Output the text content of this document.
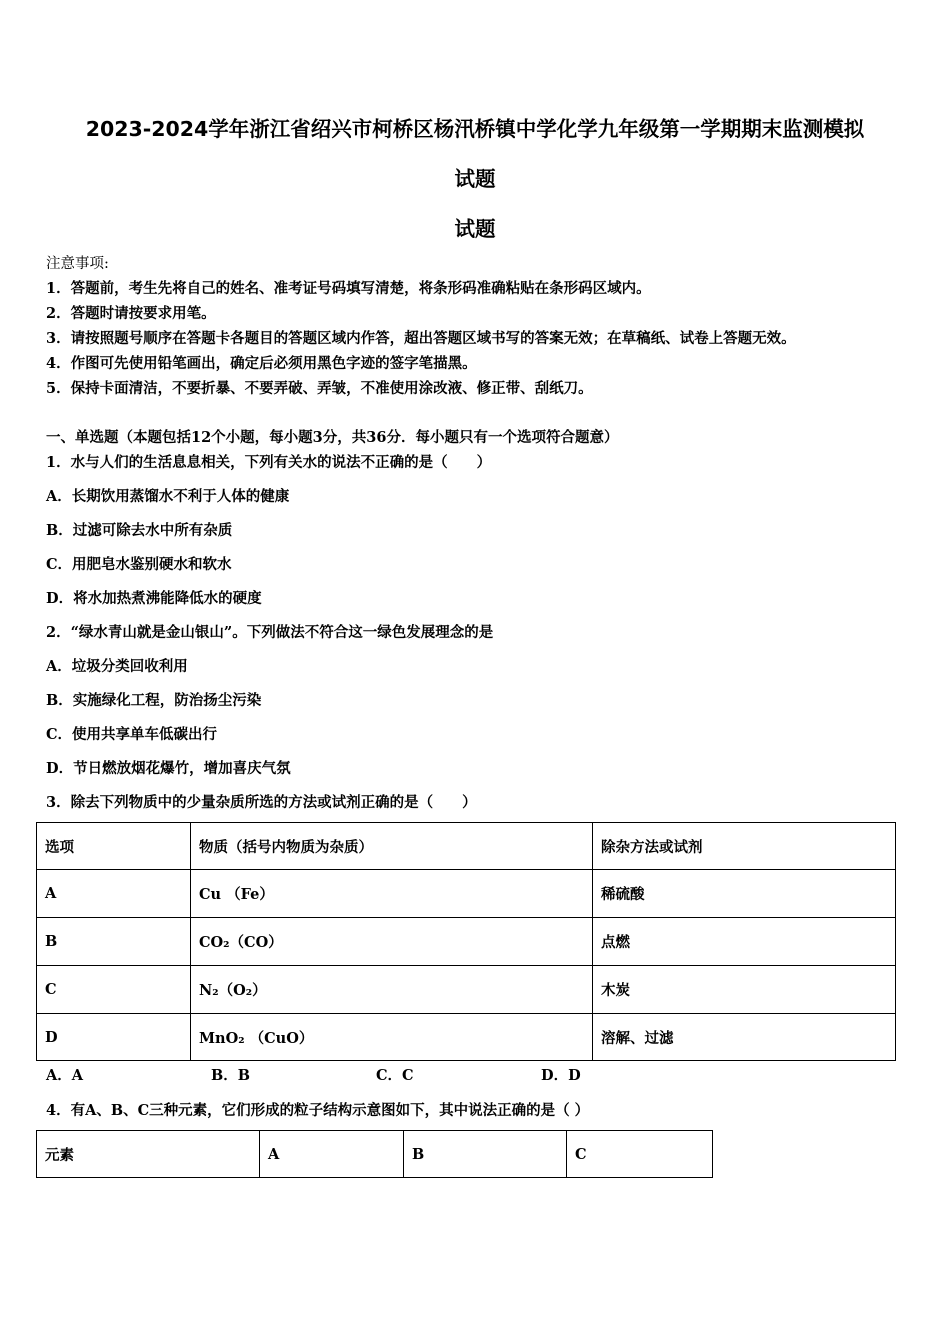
2023-2024学年浙江省绍兴市柯桥区杨汛桥镇中学化学九年级第一学期期末监测模拟
试题
试题
注意事项:
1．答题前，考生先将自己的姓名、准考证号码填写清楚，将条形码准确粘贴在条形码区域内。
2．答题时请按要求用笔。
3．请按照题号顺序在答题卡各题目的答题区域内作答，超出答题区域书写的答案无效；在草稿纸、试卷上答题无效。
4．作图可先使用铅笔画出，确定后必须用黑色字迹的签字笔描黑。
5．保持卡面清洁，不要折暴、不要弄破、弄皱，不准使用涂改液、修正带、刮纸刀。
一、单选题（本题包括12个小题，每小题3分，共36分．每小题只有一个选项符合题意）
1．水与人们的生活息息相关，下列有关水的说法不正确的是（　　）
A．长期饮用蒸馏水不利于人体的健康
B．过滤可除去水中所有杂质
C．用肥皂水鉴别硬水和软水
D．将水加热煮沸能降低水的硬度
2．“绿水青山就是金山银山”。下列做法不符合这一绿色发展理念的是
A．垃圾分类回收利用
B．实施绿化工程，防治扬尘污染
C．使用共享单车低碳出行
D．节日燃放烟花爆竹，增加喜庆气氛
3．除去下列物质中的少量杂质所选的方法或试剂正确的是（　　）
选项	物质（括号内物质为杂质）	除杂方法或试剂
A	Cu （Fe）	稀硫酸
B	CO₂（CO）	点燃
C	N₂（O₂）	木炭
D	MnO₂ （CuO）	溶解、过滤
A．A	B．B	C．C	D．D
4．有A、B、C三种元素，它们形成的粒子结构示意图如下，其中说法正确的是（ ）
元素	A	B	C
